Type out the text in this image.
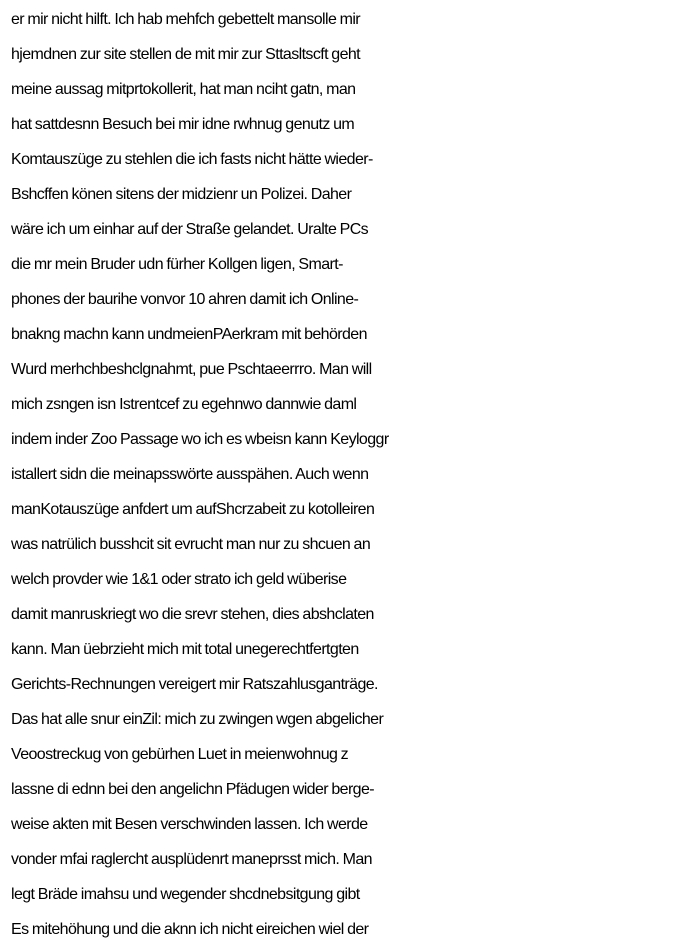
er mir nicht hilft. Ich hab mehfch gebettelt mansolle mir
hjemdnen zur site stellen de mit mir zur Sttasltscft geht
meine aussag mitprtokollerit, hat man nciht gatn, man
hat sattdesnn Besuch bei mir idne rwhnug genutz um
Komtauszüge zu stehlen die ich fasts nicht hätte wieder-
Bshcffen könen sitens der midzienr un Polizei. Daher
wäre ich um einhar auf der Straße gelandet. Uralte PCs
die mr mein Bruder udn fürher Kollgen ligen, Smart-
phones der baurihe vonvor 10 ahren damit ich Online-
bnakng machn kann undmeienPAerkram mit behörden
Wurd merhchbeshclgnahmt, pue Pschtaeerrro. Man will
mich zsngen isn Istrentcef zu egehnwo dannwie daml
indem inder Zoo Passage wo ich es wbeisn kann Keyloggr
istallert sidn die meinapsswörte ausspähen. Auch wenn
manKotauszüge anfdert um aufShcrzabeit zu kotolleiren
was natrülich busshcit sit evrucht man nur zu shcuen an
welch provder wie 1&1 oder strato ich geld wüberise
damit manruskriegt wo die srevr stehen, dies abshclaten
kann. Man üebrzieht mich mit total unegerechtfertgten
Gerichts-Rechnungen vereigert mir Ratszahlusganträge.
Das hat alle snur einZil: mich zu zwingen wgen abgelicher
Veoostreckug von gebürhen Luet in meienwohnug z
lassne di ednn bei den angelichn Pfädugen wider berge-
weise akten mit Besen verschwinden lassen. Ich werde
vonder mfai raglercht ausplüdenrt maneprsst mich. Man
legt Bräde imahsu und wegender shcdnebsitgung gibt
Es mitehöhung und die aknn ich nicht eireichen wiel der
